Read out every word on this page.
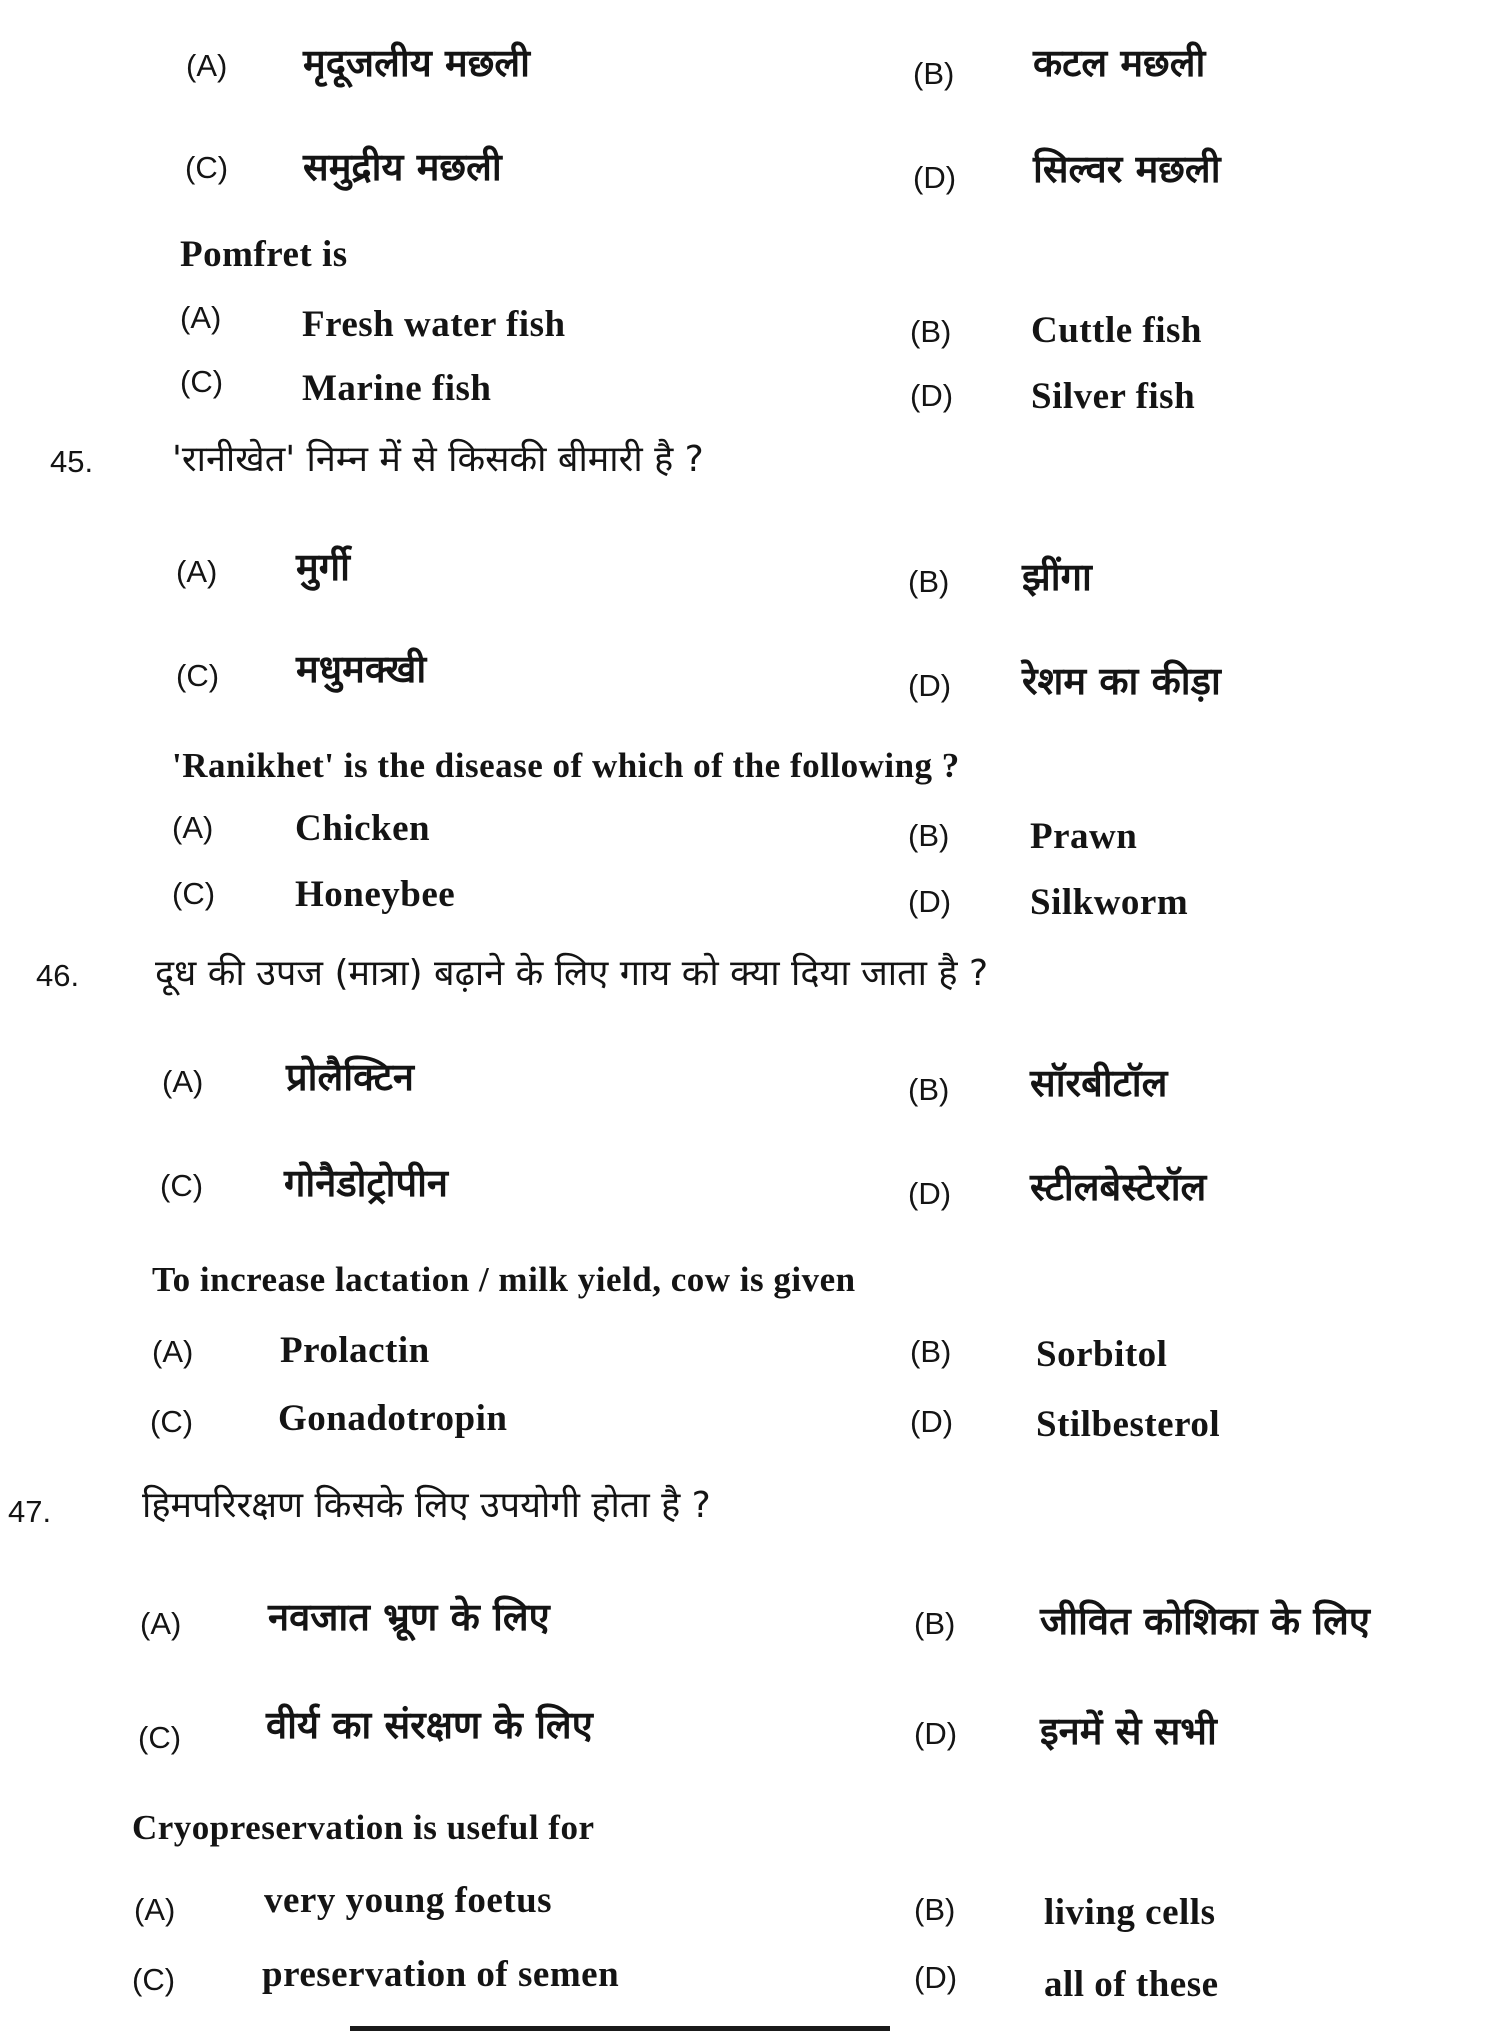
(A) मृदूजलीय मछली	(B) कटल मछली
(C) समुद्रीय मछली	(D) सिल्वर मछली
Pomfret is
(A) Fresh water fish	(B) Cuttle fish
(C) Marine fish	(D) Silver fish
45. 'रानीखेत' निम्न में से किसकी बीमारी है ?
(A) मुर्गी	(B) झींगा
(C) मधुमक्खी	(D) रेशम का कीड़ा
'Ranikhet' is the disease of which of the following ?
(A) Chicken	(B) Prawn
(C) Honeybee	(D) Silkworm
46. दूध की उपज (मात्रा) बढ़ाने के लिए गाय को क्या दिया जाता है ?
(A) प्रोलैक्टिन	(B) सॉरबीटॉल
(C) गोनैडोट्रोपीन	(D) स्टीलबेस्टेरॉल
To increase lactation / milk yield, cow is given
(A) Prolactin	(B) Sorbitol
(C) Gonadotropin	(D) Stilbesterol
47.	हिमपरिरक्षण किसके लिए उपयोगी होता है ?
(A) नवजात भ्रूण के लिए	(B) जीवित कोशिका के लिए
(C) वीर्य का संरक्षण के लिए	(D) इनमें से सभी
Cryopreservation is useful for
(A) very young foetus	(B) living cells
(C) preservation of semen	(D) all of these
